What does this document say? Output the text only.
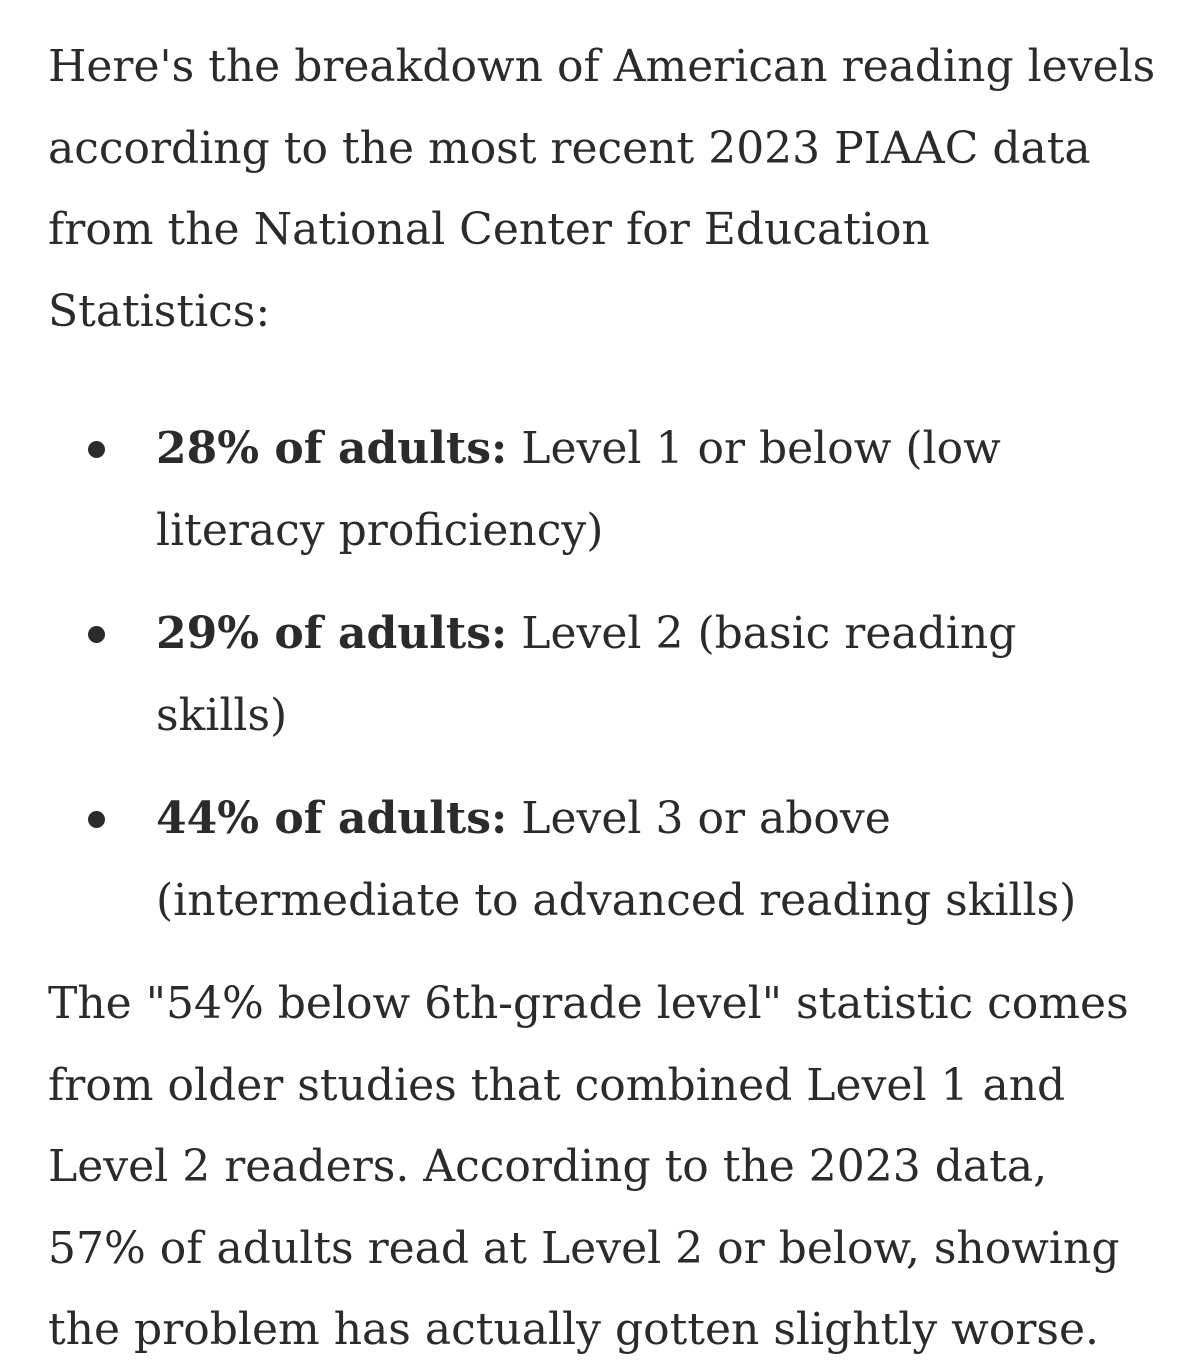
Here's the breakdown of American reading levels according to the most recent 2023 PIAAC data from the National Center for Education Statistics:

28% of adults: Level 1 or below (low literacy proficiency)
29% of adults: Level 2 (basic reading skills)
44% of adults: Level 3 or above (intermediate to advanced reading skills)

The "54% below 6th-grade level" statistic comes from older studies that combined Level 1 and Level 2 readers. According to the 2023 data, 57% of adults read at Level 2 or below, showing the problem has actually gotten slightly worse.
